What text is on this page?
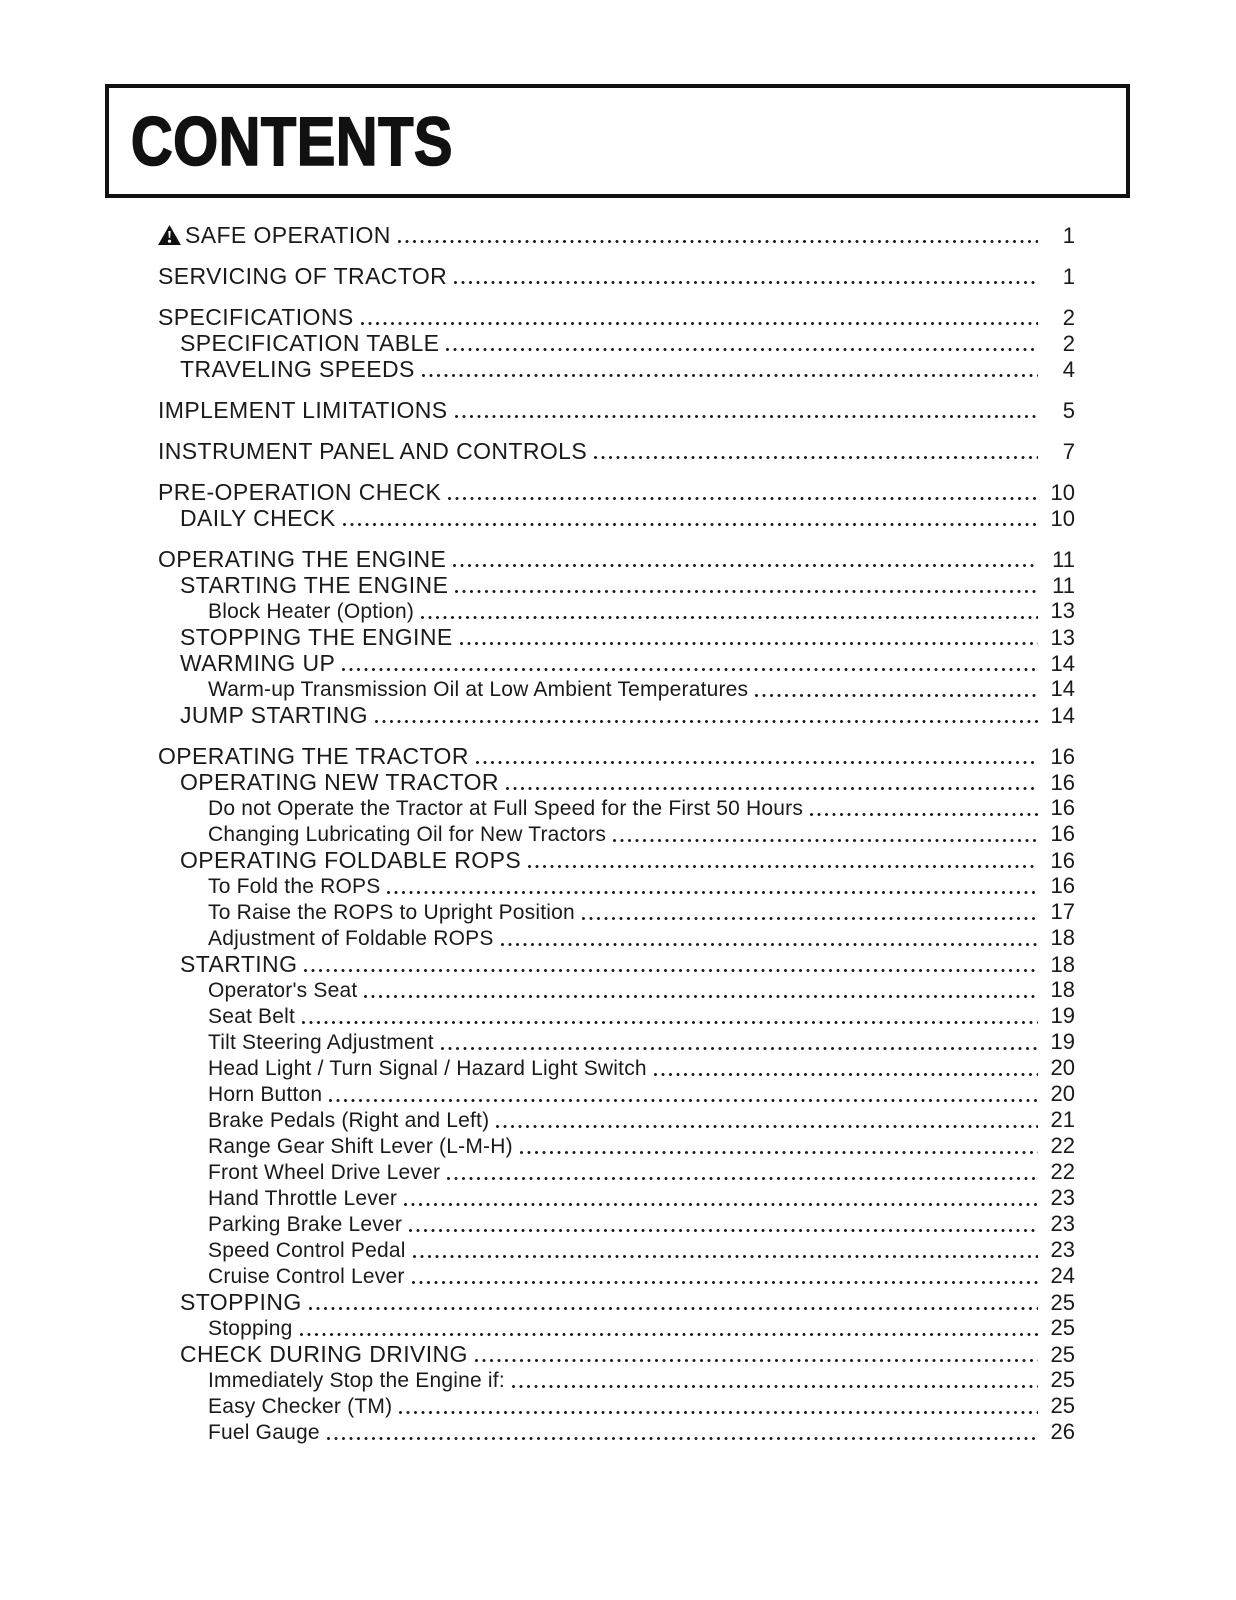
CONTENTS
SAFE OPERATION	1
SERVICING OF TRACTOR	1
SPECIFICATIONS	2
SPECIFICATION TABLE	2
TRAVELING SPEEDS	4
IMPLEMENT LIMITATIONS	5
INSTRUMENT PANEL AND CONTROLS	7
PRE-OPERATION CHECK	10
DAILY CHECK	10
OPERATING THE ENGINE	11
STARTING THE ENGINE	11
Block Heater (Option)	13
STOPPING THE ENGINE	13
WARMING UP	14
Warm-up Transmission Oil at Low Ambient Temperatures	14
JUMP STARTING	14
OPERATING THE TRACTOR	16
OPERATING NEW TRACTOR	16
Do not Operate the Tractor at Full Speed for the First 50 Hours	16
Changing Lubricating Oil for New Tractors	16
OPERATING FOLDABLE ROPS	16
To Fold the ROPS	16
To Raise the ROPS to Upright Position	17
Adjustment of Foldable ROPS	18
STARTING	18
Operator's Seat	18
Seat Belt	19
Tilt Steering Adjustment	19
Head Light / Turn Signal / Hazard Light Switch	20
Horn Button	20
Brake Pedals (Right and Left)	21
Range Gear Shift Lever (L-M-H)	22
Front Wheel Drive Lever	22
Hand Throttle Lever	23
Parking Brake Lever	23
Speed Control Pedal	23
Cruise Control Lever	24
STOPPING	25
Stopping	25
CHECK DURING DRIVING	25
Immediately Stop the Engine if:	25
Easy Checker (TM)	25
Fuel Gauge	26
